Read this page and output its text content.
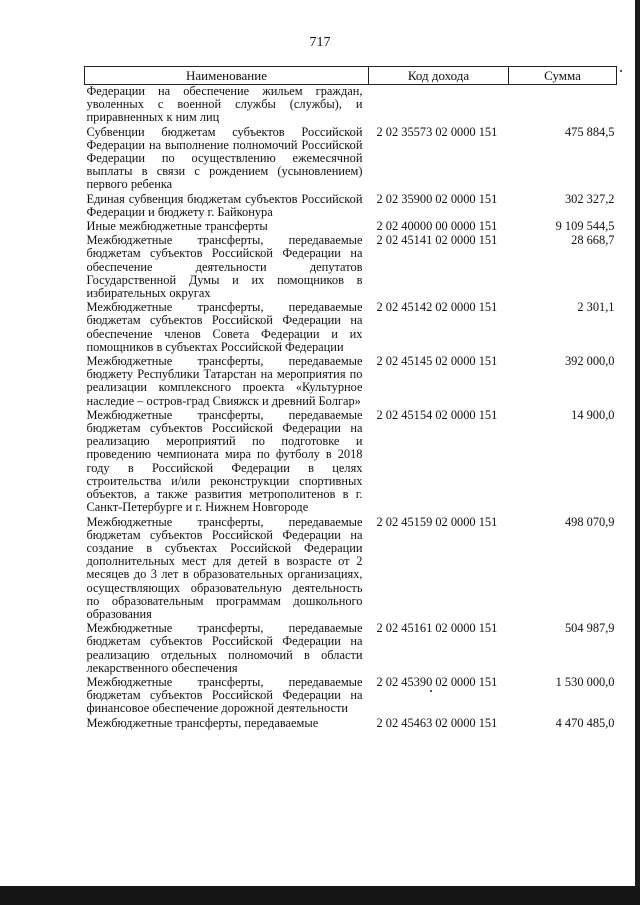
717
Наименование	Код дохода	Сумма
Федерации на обеспечение жильем граждан, уволенных с военной службы (службы), и приравненных к ним лиц		
Субвенции бюджетам субъектов Российской Федерации на выполнение полномочий Российской Федерации по осуществлению ежемесячной выплаты в связи с рождением (усыновлением) первого ребенка	2 02 35573 02 0000 151	475 884,5
Единая субвенция бюджетам субъектов Российской Федерации и бюджету г. Байконура	2 02 35900 02 0000 151	302 327,2
Иные межбюджетные трансферты	2 02 40000 00 0000 151	9 109 544,5
Межбюджетные трансферты, передаваемые бюджетам субъектов Российской Федерации на обеспечение деятельности депутатов Государственной Думы и их помощников в избирательных округах	2 02 45141 02 0000 151	28 668,7
Межбюджетные трансферты, передаваемые бюджетам субъектов Российской Федерации на обеспечение членов Совета Федерации и их помощников в субъектах Российской Федерации	2 02 45142 02 0000 151	2 301,1
Межбюджетные трансферты, передаваемые бюджету Республики Татарстан на мероприятия по реализации комплексного проекта «Культурное наследие – остров-град Свияжск и древний Болгар»	2 02 45145 02 0000 151	392 000,0
Межбюджетные трансферты, передаваемые бюджетам субъектов Российской Федерации на реализацию мероприятий по подготовке и проведению чемпионата мира по футболу в 2018 году в Российской Федерации в целях строительства и/или реконструкции спортивных объектов, а также развития метрополитенов в г. Санкт-Петербурге и г. Нижнем Новгороде	2 02 45154 02 0000 151	14 900,0
Межбюджетные трансферты, передаваемые бюджетам субъектов Российской Федерации на создание в субъектах Российской Федерации дополнительных мест для детей в возрасте от 2 месяцев до 3 лет в образовательных организациях, осуществляющих образовательную деятельность по образовательным программам дошкольного образования	2 02 45159 02 0000 151	498 070,9
Межбюджетные трансферты, передаваемые бюджетам субъектов Российской Федерации на реализацию отдельных полномочий в области лекарственного обеспечения	2 02 45161 02 0000 151	504 987,9
Межбюджетные трансферты, передаваемые бюджетам субъектов Российской Федерации на финансовое обеспечение дорожной деятельности	2 02 45390 02 0000 151	1 530 000,0
Межбюджетные трансферты, передаваемые	2 02 45463 02 0000 151	4 470 485,0
